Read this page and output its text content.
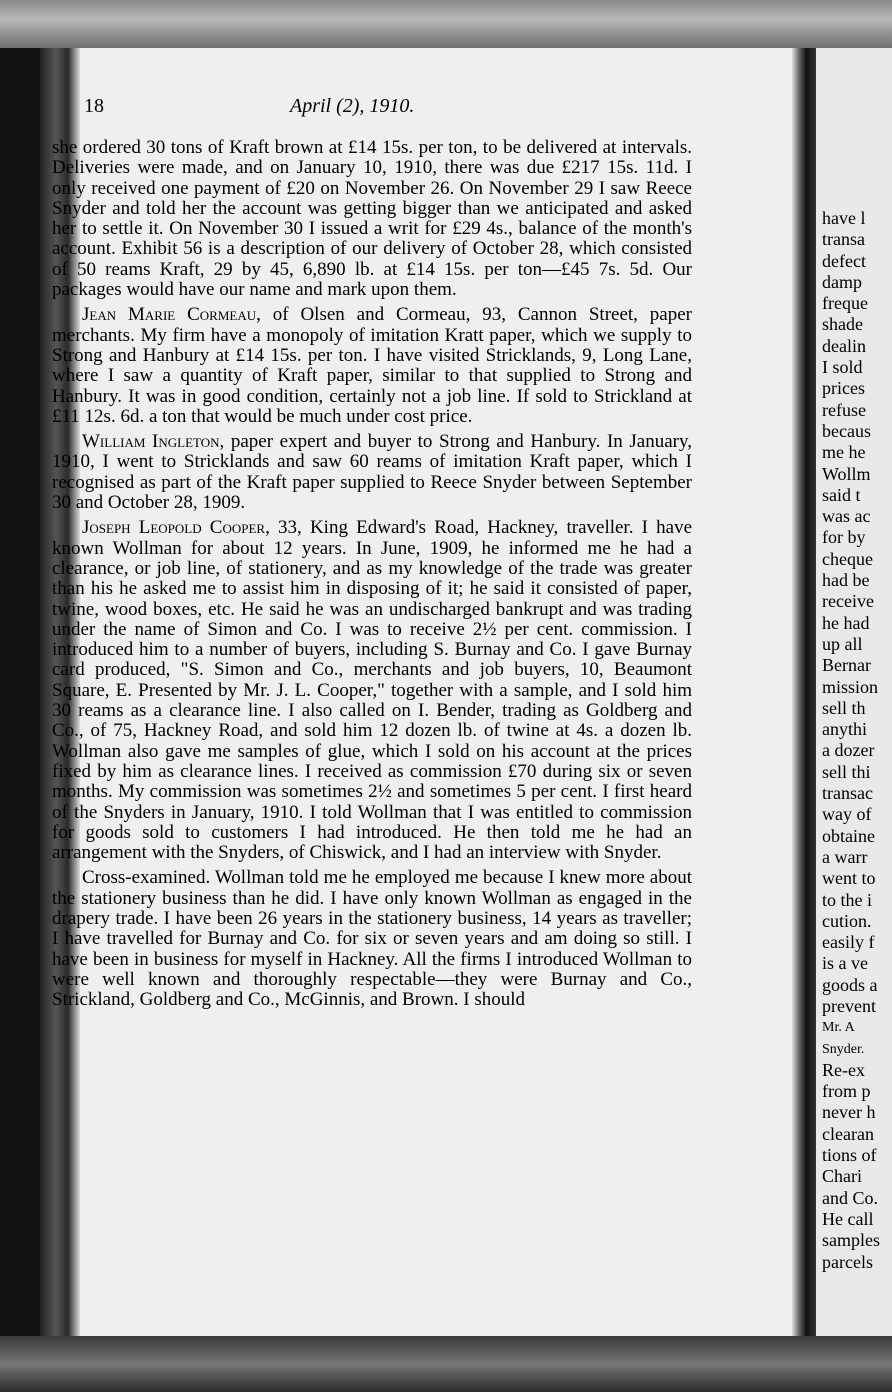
18	April (2), 1910.

she ordered 30 tons of Kraft brown at £14 15s. per ton, to be delivered at intervals. Deliveries were made, and on January 10, 1910, there was due £217 15s. 11d. I only received one payment of £20 on November 26. On November 29 I saw Reece Snyder and told her the account was getting bigger than we anticipated and asked her to settle it. On November 30 I issued a writ for £29 4s., balance of the month's account. Exhibit 56 is a description of our delivery of October 28, which consisted of 50 reams Kraft, 29 by 45, 6,890 lb. at £14 15s. per ton—£45 7s. 5d. Our packages would have our name and mark upon them.

Jean Marie Cormeau, of Olsen and Cormeau, 93, Cannon Street, paper merchants. My firm have a monopoly of imitation Kratt paper, which we supply to Strong and Hanbury at £14 15s. per ton. I have visited Stricklands, 9, Long Lane, where I saw a quantity of Kraft paper, similar to that supplied to Strong and Hanbury. It was in good condition, certainly not a job line. If sold to Strickland at £11 12s. 6d. a ton that would be much under cost price.

William Ingleton, paper expert and buyer to Strong and Hanbury. In January, 1910, I went to Stricklands and saw 60 reams of imitation Kraft paper, which I recognised as part of the Kraft paper supplied to Reece Snyder between September 30 and October 28, 1909.

Joseph Leopold Cooper, 33, King Edward's Road, Hackney, traveller. I have known Wollman for about 12 years. In June, 1909, he informed me he had a clearance, or job line, of stationery, and as my knowledge of the trade was greater than his he asked me to assist him in disposing of it; he said it consisted of paper, twine, wood boxes, etc. He said he was an undischarged bankrupt and was trading under the name of Simon and Co. I was to receive 2½ per cent. commission. I introduced him to a number of buyers, including S. Burnay and Co. I gave Burnay card produced, "S. Simon and Co., merchants and job buyers, 10, Beaumont Square, E. Presented by Mr. J. L. Cooper," together with a sample, and I sold him 30 reams as a clearance line. I also called on I. Bender, trading as Goldberg and Co., of 75, Hackney Road, and sold him 12 dozen lb. of twine at 4s. a dozen lb. Wollman also gave me samples of glue, which I sold on his account at the prices fixed by him as clearance lines. I received as commission £70 during six or seven months. My commission was sometimes 2½ and sometimes 5 per cent. I first heard of the Snyders in January, 1910. I told Wollman that I was entitled to commission for goods sold to customers I had introduced. He then told me he had an arrangement with the Snyders, of Chiswick, and I had an interview with Snyder.

Cross-examined. Wollman told me he employed me because I knew more about the stationery business than he did. I have only known Wollman as engaged in the drapery trade. I have been 26 years in the stationery business, 14 years as traveller; I have travelled for Burnay and Co. for six or seven years and am doing so still. I have been in business for myself in Hackney. All the firms I introduced Wollman to were well known and thoroughly respectable—they were Burnay and Co., Strickland, Goldberg and Co., McGinnis, and Brown. I should

have l
transa
defect
damp
freque
shade
dealin
I sold
prices
refuse
becaus
me he
Wollm
said t
was ac
for by
cheque
had be
receive
he had
up all
Bernar
mission
sell th
anythi
a dozer
sell thi
transac
way of
obtaine
a warr
went to
to the i
cution.
easily f
is a ve
goods a
prevent
Mr. A
Snyder.
Re-ex
from p
never h
clearan
tions of
Chari
and Co.
He call
samples
parcels
